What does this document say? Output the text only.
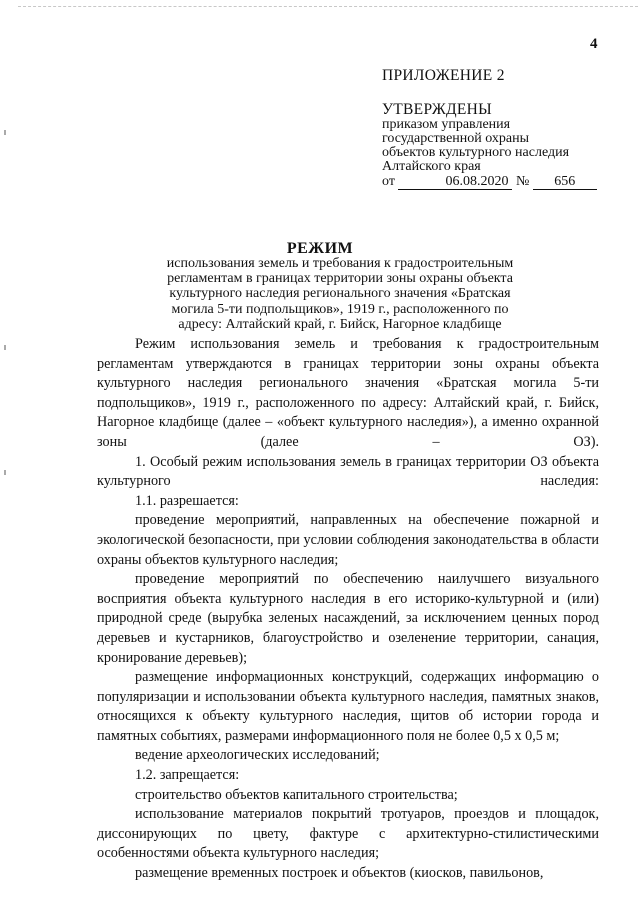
4
ПРИЛОЖЕНИЕ 2
УТВЕРЖДЕНЫ
приказом управления
государственной охраны
объектов культурного наследия
Алтайского края
от	06.08.2020 № 656
РЕЖИМ
использования земель и требования к градостроительным регламентам в границах территории зоны охраны объекта культурного наследия регионального значения «Братская могила 5-ти подпольщиков», 1919 г., расположенного по адресу: Алтайский край, г. Бийск, Нагорное кладбище

Режим использования земель и требования к градостроительным регламентам утверждаются в границах территории зоны охраны объекта культурного наследия регионального значения «Братская могила 5-ти подпольщиков», 1919 г., расположенного по адресу: Алтайский край, г. Бийск, Нагорное кладбище (далее – «объект культурного наследия»), а именно охранной зоны (далее – ОЗ).

1. Особый режим использования земель в границах территории ОЗ объекта культурного наследия:

1.1. разрешается:

проведение мероприятий, направленных на обеспечение пожарной и экологической безопасности, при условии соблюдения законодательства в области охраны объектов культурного наследия;

проведение мероприятий по обеспечению наилучшего визуального восприятия объекта культурного наследия в его историко-культурной и (или) природной среде (вырубка зеленых насаждений, за исключением ценных пород деревьев и кустарников, благоустройство и озеленение территории, санация, кронирование деревьев);

размещение информационных конструкций, содержащих информацию о популяризации и использовании объекта культурного наследия, памятных знаков, относящихся к объекту культурного наследия, щитов об истории города и памятных событиях, размерами информационного поля не более 0,5 х 0,5 м;

ведение археологических исследований;

1.2. запрещается:

строительство объектов капитального строительства;

использование материалов покрытий тротуаров, проездов и площадок, диссонирующих по цвету, фактуре с архитектурно-стилистическими особенностями объекта культурного наследия;

размещение временных построек и объектов (киосков, павильонов,
